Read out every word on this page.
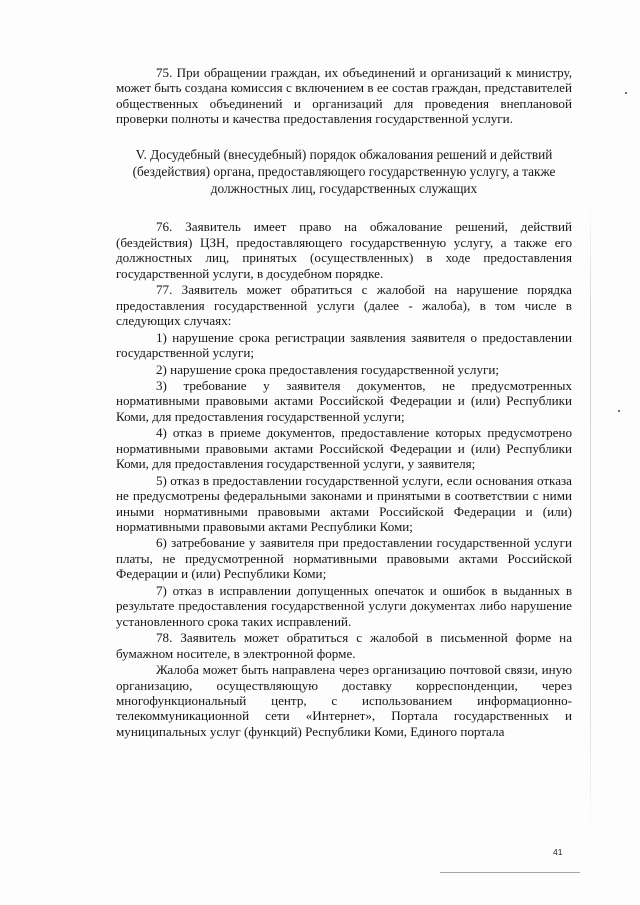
75. При обращении граждан, их объединений и организаций к министру, может быть создана комиссия с включением в ее состав граждан, представителей общественных объединений и организаций для проведения внеплановой проверки полноты и качества предоставления государственной услуги.

V. Досудебный (внесудебный) порядок обжалования решений и действий (бездействия) органа, предоставляющего государственную услугу, а также должностных лиц, государственных служащих

76. Заявитель имеет право на обжалование решений, действий (бездействия) ЦЗН, предоставляющего государственную услугу, а также его должностных лиц, принятых (осуществленных) в ходе предоставления государственной услуги, в досудебном порядке.

77. Заявитель может обратиться с жалобой на нарушение порядка предоставления государственной услуги (далее - жалоба), в том числе в следующих случаях:

1) нарушение срока регистрации заявления заявителя о предоставлении государственной услуги;

2) нарушение срока предоставления государственной услуги;

3) требование у заявителя документов, не предусмотренных нормативными правовыми актами Российской Федерации и (или) Республики Коми, для предоставления государственной услуги;

4) отказ в приеме документов, предоставление которых предусмотрено нормативными правовыми актами Российской Федерации и (или) Республики Коми, для предоставления государственной услуги, у заявителя;

5) отказ в предоставлении государственной услуги, если основания отказа не предусмотрены федеральными законами и принятыми в соответствии с ними иными нормативными правовыми актами Российской Федерации и (или) нормативными правовыми актами Республики Коми;

6) затребование у заявителя при предоставлении государственной услуги платы, не предусмотренной нормативными правовыми актами Российской Федерации и (или) Республики Коми;

7) отказ в исправлении допущенных опечаток и ошибок в выданных в результате предоставления государственной услуги документах либо нарушение установленного срока таких исправлений.

78. Заявитель может обратиться с жалобой в письменной форме на бумажном носителе, в электронной форме.

Жалоба может быть направлена через организацию почтовой связи, иную организацию, осуществляющую доставку корреспонденции, через многофункциональный центр, с использованием информационно-телекоммуникационной сети «Интернет», Портала государственных и муниципальных услуг (функций) Республики Коми, Единого портала

41
